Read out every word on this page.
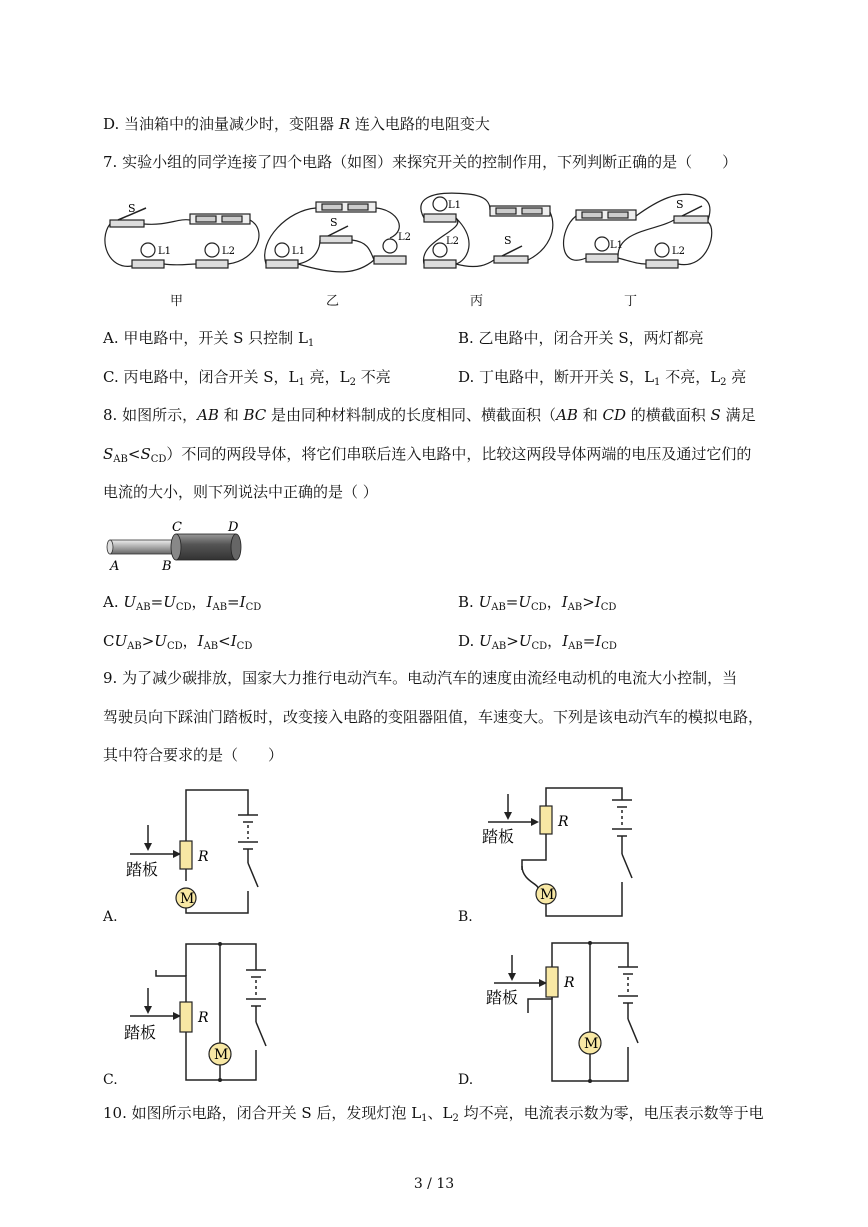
D. 当油箱中的油量减少时，变阻器 R 连入电路的电阻变大
7. 实验小组的同学连接了四个电路（如图）来探究开关的控制作用，下列判断正确的是（　　）
S
L1	L2
S
L1
L2
L1
L2	S
S
L1
L2
甲	乙	丙	丁
A. 甲电路中，开关 S 只控制 $L_1$	B. 乙电路中，闭合开关 S，两灯都亮
C. 丙电路中，闭合开关 S，$L_1$ 亮，$L_2$ 不亮	D. 丁电路中，断开开关 S，$L_1$ 不亮，$L_2$ 亮
8. 如图所示，AB 和 BC 是由同种材料制成的长度相同、横截面积（AB 和 CD 的横截面积 S 满足
$S_{AB}<S_{CD}$）不同的两段导体，将它们串联后连入电路中，比较这两段导体两端的电压及通过它们的
电流的大小，则下列说法中正确的是（ ）
A	B
C	D
A. $U_{AB}=U_{CD}$，$I_{AB}=I_{CD}$	B. $U_{AB}=U_{CD}$，$I_{AB}>I_{CD}$
$CU_{AB}>U_{CD}$，$I_{AB}<I_{CD}$	D. $U_{AB}>U_{CD}$，$I_{AB}=I_{CD}$
9. 为了减少碳排放，国家大力推行电动汽车。电动汽车的速度由流经电动机的电流大小控制，当
驾驶员向下踩油门踏板时，改变接入电路的变阻器阻值，车速变大。下列是该电动汽车的模拟电路，
其中符合要求的是（　　）
M
R
踏板
A.
M
R
踏板
B.
M
R
踏板
C.
M
R
踏板
D.
10. 如图所示电路，闭合开关 S 后，发现灯泡 $L_1$、$L_2$ 均不亮，电流表示数为零，电压表示数等于电
3 / 13
